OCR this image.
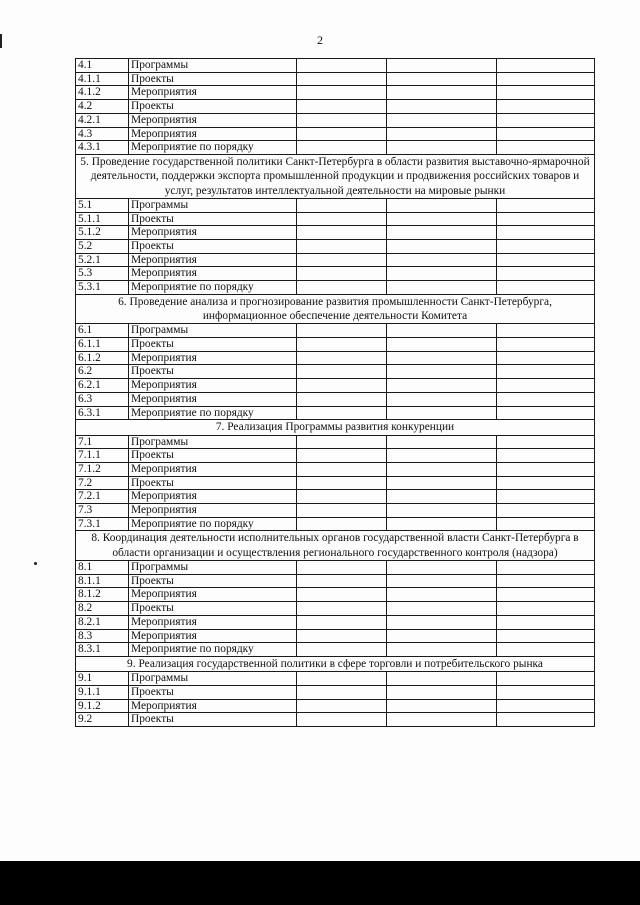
2
4.1	Программы			
4.1.1	Проекты			
4.1.2	Мероприятия			
4.2	Проекты			
4.2.1	Мероприятия			
4.3	Мероприятия			
4.3.1	Мероприятие по порядку			
5. Проведение государственной политики Санкт-Петербурга в области развития выставочно-ярмарочной деятельности, поддержки экспорта промышленной продукции и продвижения российских товаров и услуг, результатов интеллектуальной деятельности на мировые рынки				
5.1	Программы			
5.1.1	Проекты			
5.1.2	Мероприятия			
5.2	Проекты			
5.2.1	Мероприятия			
5.3	Мероприятия			
5.3.1	Мероприятие по порядку			
6. Проведение анализа и прогнозирование развития промышленности Санкт-Петербурга, информационное обеспечение деятельности Комитета				
6.1	Программы			
6.1.1	Проекты			
6.1.2	Мероприятия			
6.2	Проекты			
6.2.1	Мероприятия			
6.3	Мероприятия			
6.3.1	Мероприятие по порядку			
7. Реализация Программы развития конкуренции				
7.1	Программы			
7.1.1	Проекты			
7.1.2	Мероприятия			
7.2	Проекты			
7.2.1	Мероприятия			
7.3	Мероприятия			
7.3.1	Мероприятие по порядку			
8. Координация деятельности исполнительных органов государственной власти Санкт-Петербурга в области организации и осуществления регионального государственного контроля (надзора)				
8.1	Программы			
8.1.1	Проекты			
8.1.2	Мероприятия			
8.2	Проекты			
8.2.1	Мероприятия			
8.3	Мероприятия			
8.3.1	Мероприятие по порядку			
9. Реализация государственной политики в сфере торговли и потребительского рынка				
9.1	Программы			
9.1.1	Проекты			
9.1.2	Мероприятия			
9.2	Проекты			
